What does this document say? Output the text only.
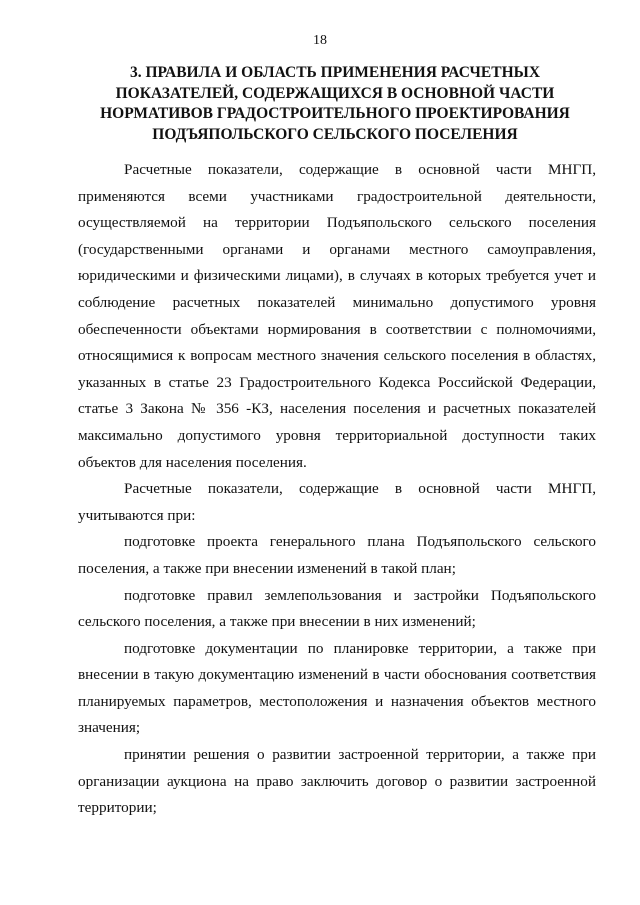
18
3. ПРАВИЛА И ОБЛАСТЬ ПРИМЕНЕНИЯ РАСЧЕТНЫХ ПОКАЗАТЕЛЕЙ, СОДЕРЖАЩИХСЯ В ОСНОВНОЙ ЧАСТИ НОРМАТИВОВ ГРАДОСТРОИТЕЛЬНОГО ПРОЕКТИРОВАНИЯ ПОДЪЯПОЛЬСКОГО СЕЛЬСКОГО ПОСЕЛЕНИЯ

Расчетные показатели, содержащие в основной части МНГП, применяются всеми участниками градостроительной деятельности, осуществляемой на территории Подъяпольского сельского поселения (государственными органами и органами местного самоуправления, юридическими и физическими лицами), в случаях в которых требуется учет и соблюдение расчетных показателей минимально допустимого уровня обеспеченности объектами нормирования в соответствии с полномочиями, относящимися к вопросам местного значения сельского поселения в областях, указанных в статье 23 Градостроительного Кодекса Российской Федерации, статье 3 Закона № 356 -КЗ, населения поселения и расчетных показателей максимально допустимого уровня территориальной доступности таких объектов для населения поселения.

Расчетные показатели, содержащие в основной части МНГП, учитываются при:

подготовке проекта генерального плана Подъяпольского сельского поселения, а также при внесении изменений в такой план;

подготовке правил землепользования и застройки Подъяпольского сельского поселения, а также при внесении в них изменений;

подготовке документации по планировке территории, а также при внесении в такую документацию изменений в части обоснования соответствия планируемых параметров, местоположения и назначения объектов местного значения;

принятии решения о развитии застроенной территории, а также при организации аукциона на право заключить договор о развитии застроенной территории;
